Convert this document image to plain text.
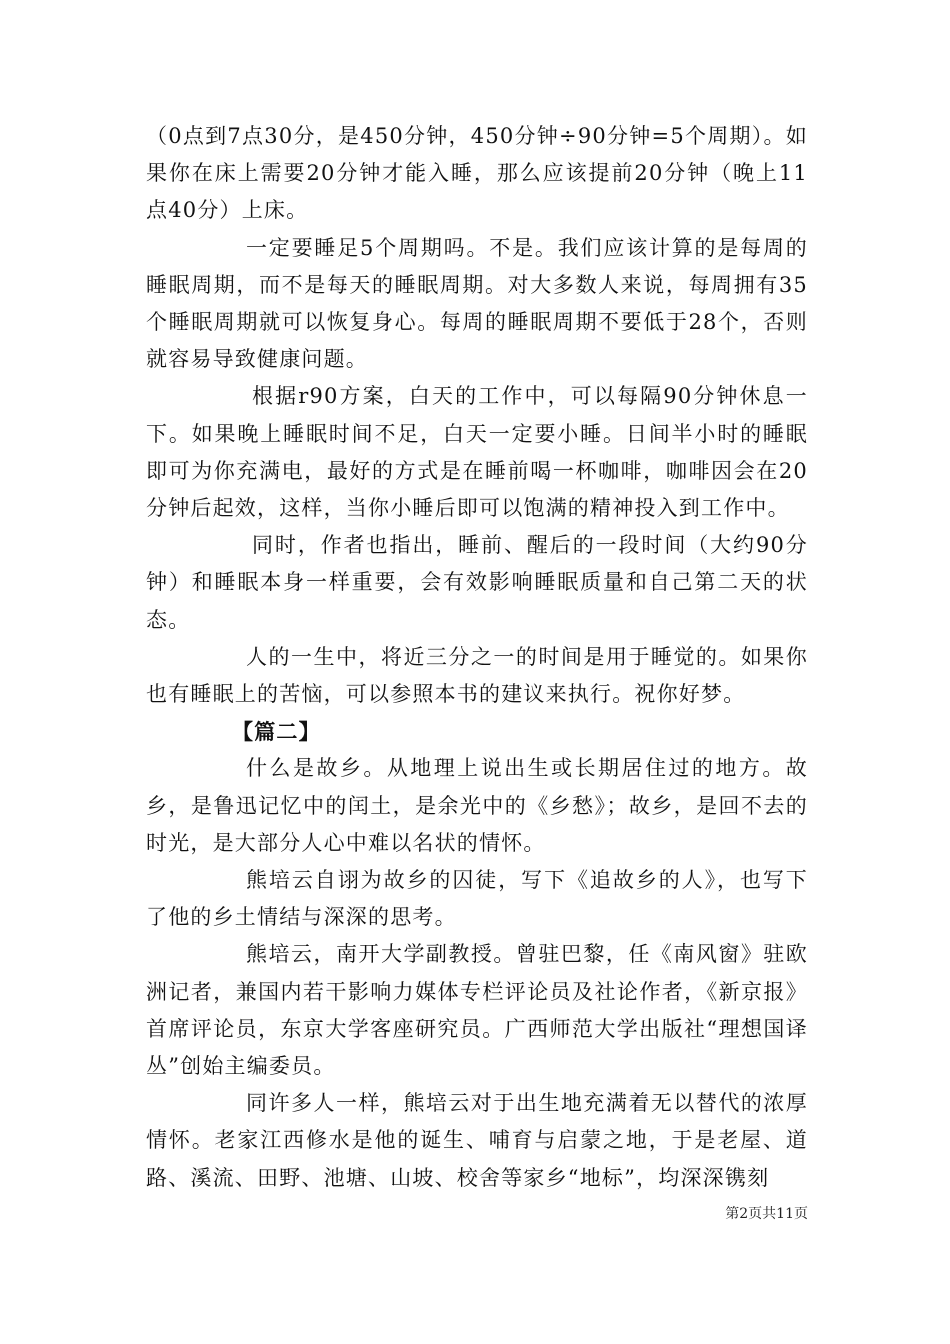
（0点到7点30分，是450分钟，450分钟÷90分钟=5个周期）。如果你在床上需要20分钟才能入睡，那么应该提前20分钟（晚上11点40分）上床。

一定要睡足5个周期吗。不是。我们应该计算的是每周的睡眠周期，而不是每天的睡眠周期。对大多数人来说，每周拥有35个睡眠周期就可以恢复身心。每周的睡眠周期不要低于28个，否则就容易导致健康问题。

根据r90方案，白天的工作中，可以每隔90分钟休息一下。如果晚上睡眠时间不足，白天一定要小睡。日间半小时的睡眠即可为你充满电，最好的方式是在睡前喝一杯咖啡，咖啡因会在20分钟后起效，这样，当你小睡后即可以饱满的精神投入到工作中。

同时，作者也指出，睡前、醒后的一段时间（大约90分钟）和睡眠本身一样重要，会有效影响睡眠质量和自己第二天的状态。

人的一生中，将近三分之一的时间是用于睡觉的。如果你也有睡眠上的苦恼，可以参照本书的建议来执行。祝你好梦。

【篇二】

什么是故乡。从地理上说出生或长期居住过的地方。故乡，是鲁迅记忆中的闰土，是余光中的《乡愁》；故乡，是回不去的时光，是大部分人心中难以名状的情怀。

熊培云自诩为故乡的囚徒，写下《追故乡的人》，也写下了他的乡土情结与深深的思考。

熊培云，南开大学副教授。曾驻巴黎，任《南风窗》驻欧洲记者，兼国内若干影响力媒体专栏评论员及社论作者，《新京报》首席评论员，东京大学客座研究员。广西师范大学出版社“理想国译丛”创始主编委员。

同许多人一样，熊培云对于出生地充满着无以替代的浓厚情怀。老家江西修水是他的诞生、哺育与启蒙之地，于是老屋、道路、溪流、田野、池塘、山坡、校舍等家乡“地标”，均深深镌刻

第2页共11页
